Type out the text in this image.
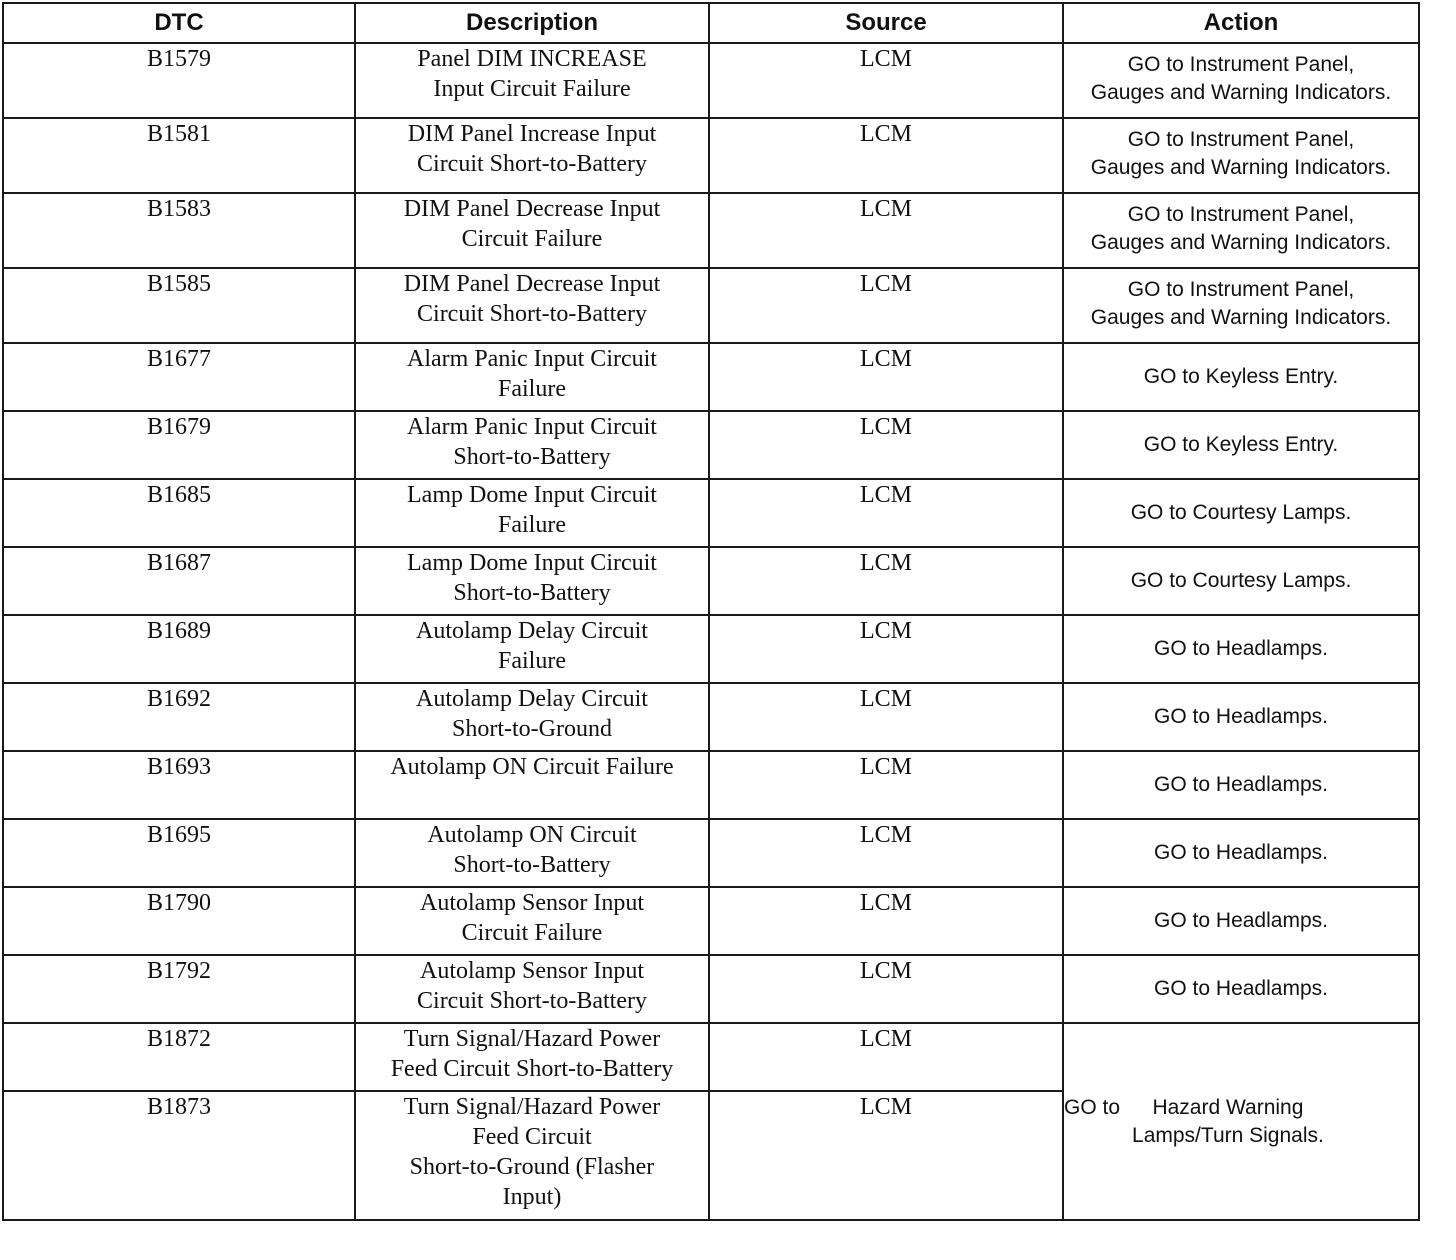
DTC	Description	Source	Action
B1579	Panel DIM INCREASE
Input Circuit Failure	LCM	GO to Instrument Panel,
Gauges and Warning Indicators.

B1581	DIM Panel Increase Input
Circuit Short-to-Battery	LCM	GO to Instrument Panel,
Gauges and Warning Indicators.

B1583	DIM Panel Decrease Input
Circuit Failure	LCM	GO to Instrument Panel,
Gauges and Warning Indicators.

B1585	DIM Panel Decrease Input
Circuit Short-to-Battery	LCM	GO to Instrument Panel,
Gauges and Warning Indicators.

B1677	Alarm Panic Input Circuit
Failure	LCM	GO to Keyless Entry.

B1679	Alarm Panic Input Circuit
Short-to-Battery	LCM	GO to Keyless Entry.

B1685	Lamp Dome Input Circuit
Failure	LCM	GO to Courtesy Lamps.

B1687	Lamp Dome Input Circuit
Short-to-Battery	LCM	GO to Courtesy Lamps.

B1689	Autolamp Delay Circuit
Failure	LCM	GO to Headlamps.

B1692	Autolamp Delay Circuit
Short-to-Ground	LCM	GO to Headlamps.

B1693	Autolamp ON Circuit Failure	LCM	GO to Headlamps.

B1695	Autolamp ON Circuit
Short-to-Battery	LCM	GO to Headlamps.

B1790	Autolamp Sensor Input
Circuit Failure	LCM	GO to Headlamps.

B1792	Autolamp Sensor Input
Circuit Short-to-Battery	LCM	GO to Headlamps.

B1872	Turn Signal/Hazard Power
Feed Circuit Short-to-Battery	LCM	GO to Hazard Warning
Lamps/Turn Signals.

B1873	Turn Signal/Hazard Power
Feed Circuit
Short-to-Ground (Flasher
Input)	LCM	
